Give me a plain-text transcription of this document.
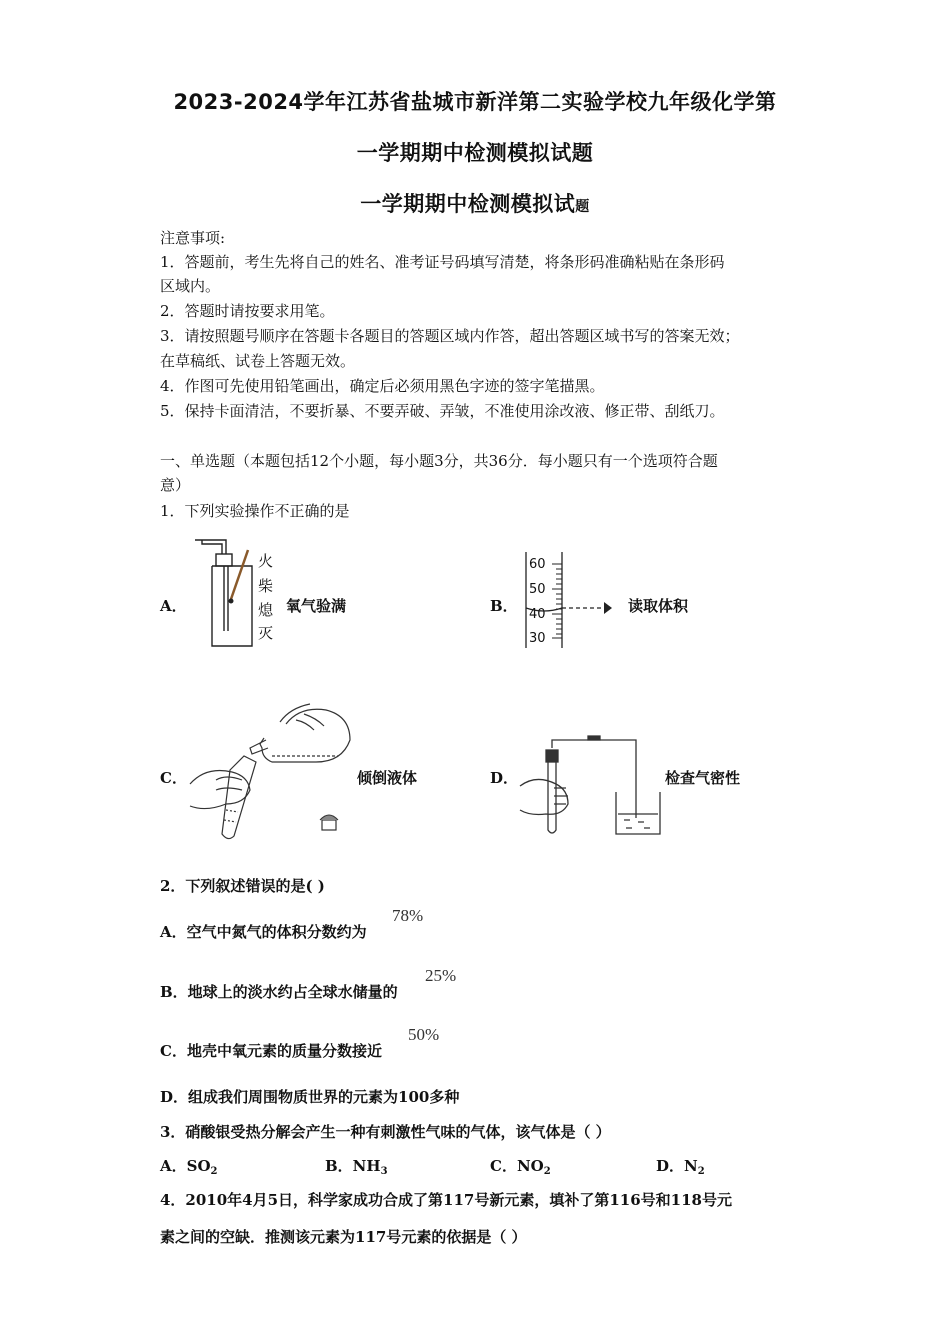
2023-2024学年江苏省盐城市新洋第二实验学校九年级化学第
一学期期中检测模拟试题
一学期期中检测模拟试题
注意事项:
1．答题前，考生先将自己的姓名、准考证号码填写清楚，将条形码准确粘贴在条形码
区域内。
2．答题时请按要求用笔。
3．请按照题号顺序在答题卡各题目的答题区域内作答，超出答题区域书写的答案无效；
在草稿纸、试卷上答题无效。
4．作图可先使用铅笔画出，确定后必须用黑色字迹的签字笔描黑。
5．保持卡面清洁，不要折暴、不要弄破、弄皱，不准使用涂改液、修正带、刮纸刀。
一、单选题（本题包括12个小题，每小题3分，共36分．每小题只有一个选项符合题
意）
1．下列实验操作不正确的是
A．
火 柴 熄 灭
氧气验满	B．
60 50 40 30
读取体积
C．	倾倒液体	D．	检查气密性
2．下列叙述错误的是( )
A．空气中氮气的体积分数约为
78%
B．地球上的淡水约占全球水储量的
25%
C．地壳中氧元素的质量分数接近
50%
D．组成我们周围物质世界的元素为100多种
3．硝酸银受热分解会产生一种有刺激性气味的气体，该气体是（ ）
A．$SO_2$	B．$NH_3$	C．$NO_2$	D．$N_2$
4．2010年4月5日，科学家成功合成了第117号新元素，填补了第116号和118号元
素之间的空缺．推测该元素为117号元素的依据是（ ）
